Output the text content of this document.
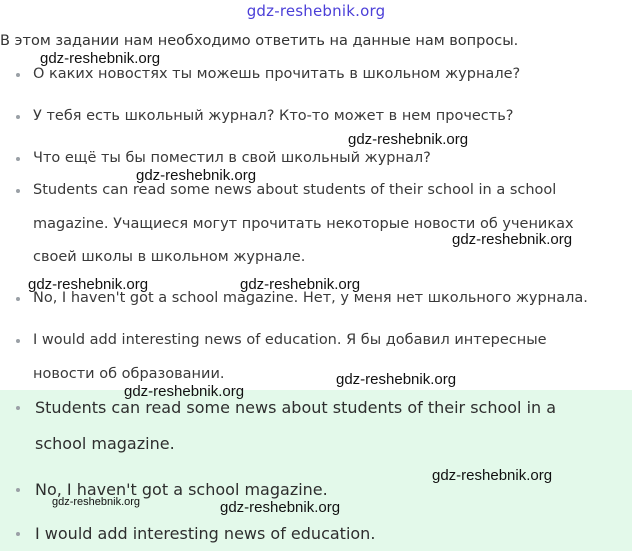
gdz-reshebnik.org
В этом задании нам необходимо ответить на данные нам вопросы.
О каких новостях ты можешь прочитать в школьном журнале?
У тебя есть школьный журнал? Кто-то может в нем прочесть?
Что ещё ты бы поместил в свой школьный журнал?
Students can read some news about students of their school in a school magazine. Учащиеся могут прочитать некоторые новости об учениках своей школы в школьном журнале.
No, I haven't got a school magazine. Нет, у меня нет школьного журнала.
I would add interesting news of education. Я бы добавил интересные новости об образовании.
Students can read some news about students of their school in a school magazine.
No, I haven't got a school magazine.
I would add interesting news of education.
gdz-reshebnik.org
gdz-reshebnik.org
gdz-reshebnik.org
gdz-reshebnik.org
gdz-reshebnik.org	gdz-reshebnik.org
gdz-reshebnik.org
gdz-reshebnik.org
gdz-reshebnik.org
gdz-reshebnik.org	gdz-reshebnik.org
